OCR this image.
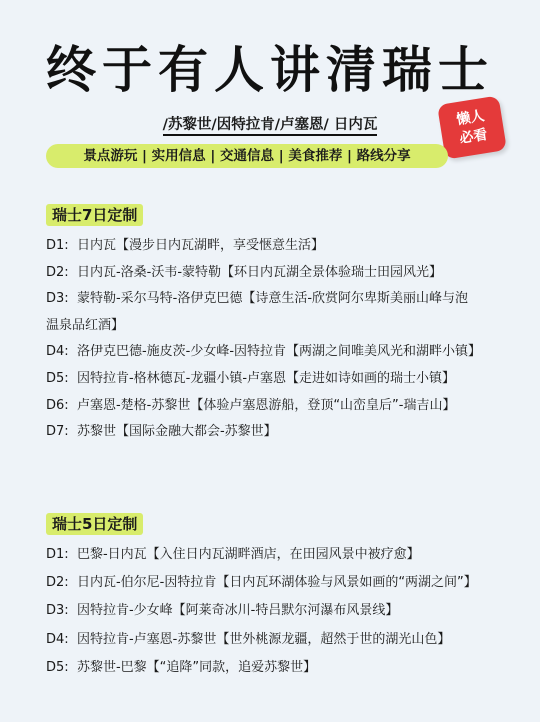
终于有人讲清瑞士
/苏黎世/因特拉肯/卢塞恩/ 日内瓦	懒人
必看
景点游玩 | 实用信息 | 交通信息 | 美食推荐 | 路线分享
瑞士7日定制
D1: 日内瓦【漫步日内瓦湖畔，享受惬意生活】
D2: 日内瓦-洛桑-沃韦-蒙特勒【环日内瓦湖全景体验瑞士田园风光】
D3: 蒙特勒-采尔马特-洛伊克巴德【诗意生活-欣赏阿尔卑斯美丽山峰与泡
温泉品红酒】
D4: 洛伊克巴德-施皮茨-少女峰-因特拉肯【两湖之间唯美风光和湖畔小镇】
D5: 因特拉肯-格林德瓦-龙疆小镇-卢塞恩【走进如诗如画的瑞士小镇】
D6: 卢塞恩-楚格-苏黎世【体验卢塞恩游船，登顶“山峦皇后”-瑞吉山】
D7: 苏黎世【国际金融大都会-苏黎世】
瑞士5日定制
D1: 巴黎-日内瓦【入住日内瓦湖畔酒店，在田园风景中被疗愈】
D2: 日内瓦-伯尔尼-因特拉肯【日内瓦环湖体验与风景如画的“两湖之间”】
D3: 因特拉肯-少女峰【阿莱奇冰川-特吕默尔河瀑布风景线】
D4: 因特拉肯-卢塞恩-苏黎世【世外桃源龙疆，超然于世的湖光山色】
D5: 苏黎世-巴黎【“追降”同款，追爱苏黎世】
